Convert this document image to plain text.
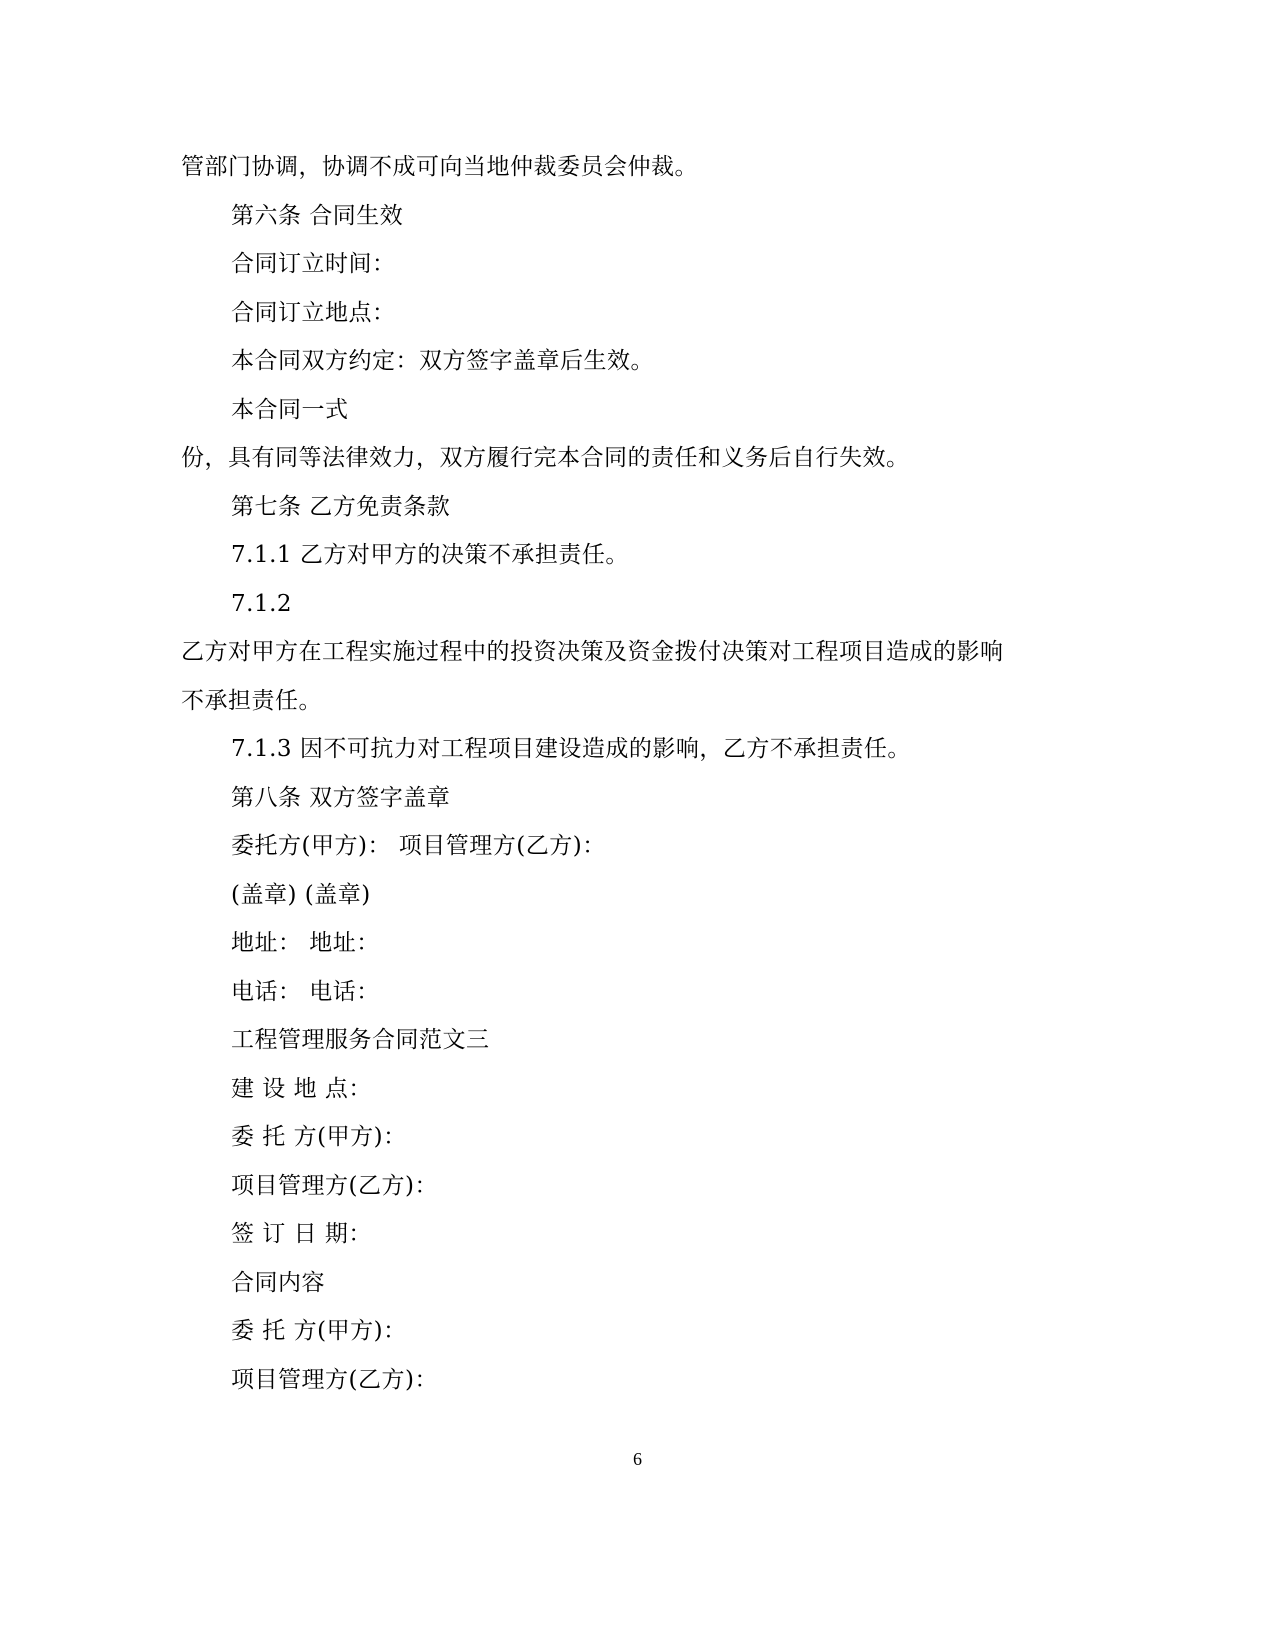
管部门协调，协调不成可向当地仲裁委员会仲裁。
第六条 合同生效
合同订立时间：
合同订立地点：
本合同双方约定：双方签字盖章后生效。
本合同一式
份，具有同等法律效力，双方履行完本合同的责任和义务后自行失效。
第七条 乙方免责条款
7.1.1 乙方对甲方的决策不承担责任。
7.1.2
乙方对甲方在工程实施过程中的投资决策及资金拨付决策对工程项目造成的影响
不承担责任。
7.1.3 因不可抗力对工程项目建设造成的影响，乙方不承担责任。
第八条 双方签字盖章
委托方(甲方)： 项目管理方(乙方)：
(盖章) (盖章)
地址： 地址：
电话： 电话：
工程管理服务合同范文三
建 设 地 点：
委 托 方(甲方)：
项目管理方(乙方)：
签 订 日 期：
合同内容
委 托 方(甲方)：
项目管理方(乙方)：
6
